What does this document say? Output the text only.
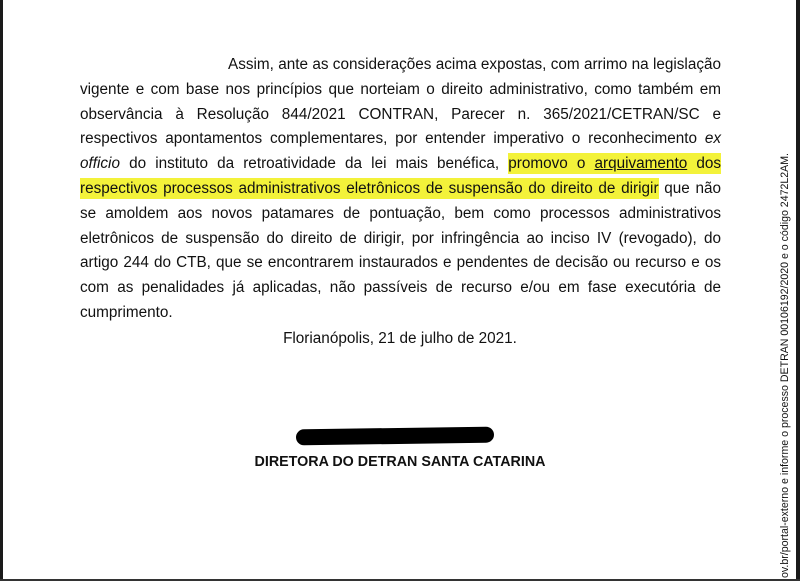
Assim, ante as considerações acima expostas, com arrimo na legislação vigente e com base nos princípios que norteiam o direito administrativo, como também em observância à Resolução 844/2021 CONTRAN, Parecer n. 365/2021/CETRAN/SC e respectivos apontamentos complementares, por entender imperativo o reconhecimento ex officio do instituto da retroatividade da lei mais benéfica, promovo o arquivamento dos respectivos processos administrativos eletrônicos de suspensão do direito de dirigir que não se amoldem aos novos patamares de pontuação, bem como processos administrativos eletrônicos de suspensão do direito de dirigir, por infringência ao inciso IV (revogado), do artigo 244 do CTB, que se encontrarem instaurados e pendentes de decisão ou recurso e os com as penalidades já aplicadas, não passíveis de recurso e/ou em fase executória de cumprimento.

Florianópolis, 21 de julho de 2021.

DIRETORA DO DETRAN SANTA CATARINA	ov.br/portal-externo e informe o processo DETRAN 00106192/2020 e o código 2472L2AM.
